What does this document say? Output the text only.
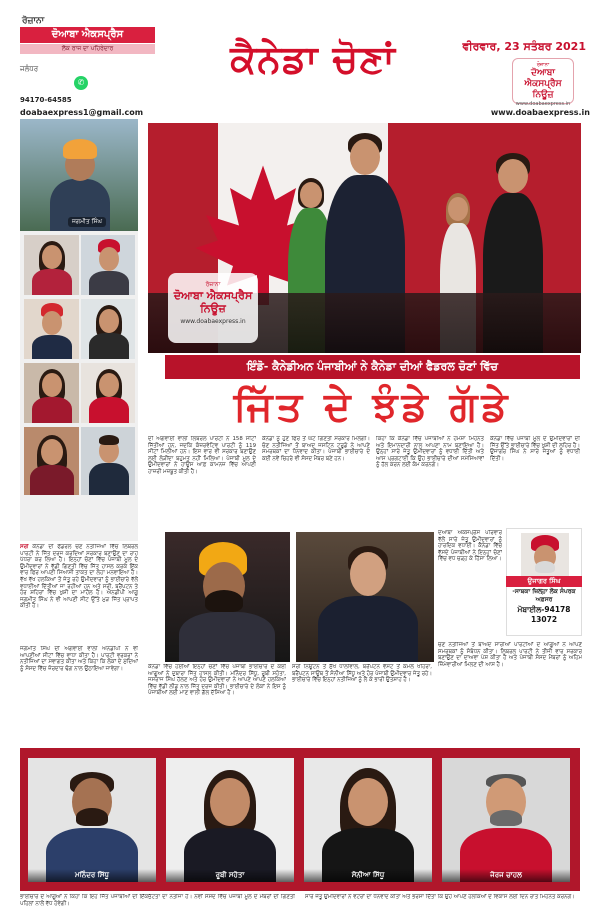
ਰੋਜ਼ਾਨਾ
ਦੋਆਬਾ ਐਕਸਪ੍ਰੈਸ
ਲੋਕ ਰਾਜ ਦਾ ਪਹਿਰੇਦਾਰ
ਜਲੰਧਰ
✆
94170-64585
doabaexpress1@gmail.com
ਕੈਨੇਡਾ ਚੋਣਾਂ	ਵੀਰਵਾਰ, 23 ਸਤੰਬਰ 2021
ਰੋਜ਼ਾਨਾ
ਦੋਆਬਾ ਐਕਸਪ੍ਰੈਸ ਨਿਊਜ਼
www.doabaexpress.in
www.doabaexpress.in
ਜਗਮੀਤ ਸਿੰਘ
ਰੋਜ਼ਾਨਾ
ਦੋਆਬਾ ਐਕਸਪ੍ਰੈਸ ਨਿਊਜ਼
www.doabaexpress.in
ਇੰਡੋ- ਕੈਨੇਡੀਅਨ ਪੰਜਾਬੀਆਂ ਨੇ ਕੈਨੇਡਾ ਦੀਆਂ ਫੈਡਰਲ ਚੋਣਾਂ ਵਿੱਚ
ਜਿੱਤ ਦੇ ਝੰਡੇ ਗੱਡੇ
ਸਰੀ ਕੈਨੇਡਾ ਦੀ ਫੈਡਰਲ ਚੋਣ ਨਤੀਜਿਆਂ ਵਿੱਚ ਲਿਬਰਲ ਪਾਰਟੀ ਨੇ ਜਿੱਤ ਦਰਜ ਕਰਦਿਆਂ ਸਰਕਾਰ ਬਣਾਉਣ ਦਾ ਰਾਹ ਪੱਧਰਾ ਕਰ ਲਿਆ ਹੈ। ਇਨ੍ਹਾਂ ਚੋਣਾਂ ਵਿੱਚ ਪੰਜਾਬੀ ਮੂਲ ਦੇ ਉਮੀਦਵਾਰਾਂ ਨੇ ਵੱਡੀ ਗਿਣਤੀ ਵਿੱਚ ਜਿੱਤ ਹਾਸਲ ਕਰਕੇ ਇੱਕ ਵਾਰ ਫਿਰ ਆਪਣੀ ਸਿਆਸੀ ਤਾਕਤ ਦਾ ਲੋਹਾ ਮਨਵਾਇਆ ਹੈ। ਵੱਖ ਵੱਖ ਹਲਕਿਆਂ ਤੋਂ ਜੇਤੂ ਰਹੇ ਉਮੀਦਵਾਰਾਂ ਨੂੰ ਭਾਈਚਾਰੇ ਵੱਲੋਂ ਵਧਾਈਆਂ ਦਿੱਤੀਆਂ ਜਾ ਰਹੀਆਂ ਹਨ ਅਤੇ ਸਰੀ, ਬਰੈਂਪਟਨ ਤੇ ਹੋਰ ਸ਼ਹਿਰਾਂ ਵਿੱਚ ਖੁਸ਼ੀ ਦਾ ਮਾਹੌਲ ਹੈ। ਐਨਡੀਪੀ ਆਗੂ ਜਗਮੀਤ ਸਿੰਘ ਨੇ ਵੀ ਆਪਣੀ ਸੀਟ ਉੱਤੇ ਮੁੜ ਜਿੱਤ ਪ੍ਰਾਪਤ ਕੀਤੀ ਹੈ।
ਦੀ ਅਗਵਾਈ ਵਾਲੀ ਲਿਬਰਲ ਪਾਰਟੀ ਨੇ 158 ਸੀਟਾਂ ਜਿੱਤੀਆਂ ਹਨ, ਜਦਕਿ ਕੰਜ਼ਰਵੇਟਿਵ ਪਾਰਟੀ ਨੂੰ 119 ਸੀਟਾਂ ਮਿਲੀਆਂ ਹਨ। ਇਸ ਵਾਰ ਵੀ ਸਰਕਾਰ ਬਣਾਉਣ ਲਈ ਲੋੜੀਂਦਾ ਬਹੁਮਤ ਨਹੀਂ ਮਿਲਿਆ। ਪੰਜਾਬੀ ਮੂਲ ਦੇ ਉਮੀਦਵਾਰਾਂ ਨੇ ਹਾਊਸ ਆਫ਼ ਕਾਮਨਜ਼ ਵਿੱਚ ਆਪਣੀ ਹਾਜ਼ਰੀ ਮਜ਼ਬੂਤ ਕੀਤੀ ਹੈ।
ਕੈਨੇਡਾ ਨੂੰ ਹੁਣ ਫਿਰ ਤੋਂ ਘੱਟ ਗਿਣਤੀ ਸਰਕਾਰ ਮਿਲੇਗੀ। ਚੋਣ ਨਤੀਜਿਆਂ ਤੋਂ ਬਾਅਦ ਜਸਟਿਨ ਟਰੂਡੋ ਨੇ ਆਪਣੇ ਸਮਰਥਕਾਂ ਦਾ ਧੰਨਵਾਦ ਕੀਤਾ। ਪੰਜਾਬੀ ਭਾਈਚਾਰੇ ਦੇ ਕਈ ਨਵੇਂ ਚਿਹਰੇ ਵੀ ਸੰਸਦ ਮੈਂਬਰ ਬਣੇ ਹਨ।
ਕਿਹਾ ਕਿ ਕੈਨੇਡਾ ਵਿੱਚ ਪੰਜਾਬੀਆਂ ਨੇ ਹਮੇਸ਼ਾ ਮਿਹਨਤ ਅਤੇ ਇਮਾਨਦਾਰੀ ਨਾਲ ਆਪਣਾ ਨਾਮ ਬਣਾਇਆ ਹੈ। ਉਨ੍ਹਾਂ ਸਾਰੇ ਜੇਤੂ ਉਮੀਦਵਾਰਾਂ ਨੂੰ ਵਧਾਈ ਦਿੱਤੀ ਅਤੇ ਆਸ ਪ੍ਰਗਟਾਈ ਕਿ ਉਹ ਭਾਈਚਾਰੇ ਦੀਆਂ ਸਮੱਸਿਆਵਾਂ ਨੂੰ ਹੱਲ ਕਰਨ ਲਈ ਕੰਮ ਕਰਨਗੇ।
ਕੈਨੇਡਾ ਵਿੱਚ ਪੰਜਾਬੀ ਮੂਲ ਦੇ ਉਮੀਦਵਾਰਾਂ ਦੀ ਜਿੱਤ ਉੱਤੇ ਭਾਈਚਾਰੇ ਵਿੱਚ ਖੁਸ਼ੀ ਦੀ ਲਹਿਰ ਹੈ। ਉਜਾਗਰ ਸਿੰਘ ਨੇ ਸਾਰੇ ਜੇਤੂਆਂ ਨੂੰ ਵਧਾਈ ਦਿੱਤੀ।
ਕੈਨੇਡਾ ਵਿੱਚ ਹੋਈਆਂ ਇਨ੍ਹਾਂ ਚੋਣਾਂ ਵਿੱਚ ਪੰਜਾਬੀ ਭਾਈਚਾਰੇ ਦੇ ਕਈ ਆਗੂਆਂ ਨੇ ਦੁਬਾਰਾ ਜਿੱਤ ਹਾਸਲ ਕੀਤੀ। ਮਨਿੰਦਰ ਸਿੱਧੂ, ਰੂਬੀ ਸਹੋਤਾ, ਜਸਰਾਜ ਸਿੰਘ ਹੱਲਣ ਅਤੇ ਹੋਰ ਉਮੀਦਵਾਰਾਂ ਨੇ ਆਪਣੇ ਆਪਣੇ ਹਲਕਿਆਂ ਵਿੱਚ ਵੱਡੀ ਲੀਡ ਨਾਲ ਜਿੱਤ ਦਰਜ ਕੀਤੀ। ਭਾਈਚਾਰੇ ਦੇ ਲੋਕਾਂ ਨੇ ਇਸ ਨੂੰ ਪੰਜਾਬੀਆਂ ਲਈ ਮਾਣ ਵਾਲੀ ਗੱਲ ਦੱਸਿਆ ਹੈ।
ਜਗਮੀਤ ਸਿੰਘ ਦੀ ਅਗਵਾਈ ਵਾਲੀ ਐਨਡੀਪੀ ਨੇ ਵੀ ਆਪਣੀਆਂ ਸੀਟਾਂ ਵਿੱਚ ਵਾਧਾ ਕੀਤਾ ਹੈ। ਪਾਰਟੀ ਵਰਕਰਾਂ ਨੇ ਨਤੀਜਿਆਂ ਦਾ ਸਵਾਗਤ ਕੀਤਾ ਅਤੇ ਕਿਹਾ ਕਿ ਲੋਕਾਂ ਦੇ ਮੁੱਦਿਆਂ ਨੂੰ ਸੰਸਦ ਵਿੱਚ ਜ਼ੋਰਦਾਰ ਢੰਗ ਨਾਲ ਉਠਾਇਆ ਜਾਵੇਗਾ।	ਸਰੀ ਨਿਊਟਨ ਤੋਂ ਸੁੱਖ ਧਾਲੀਵਾਲ, ਬਰੈਂਪਟਨ ਵੈਸਟ ਤੋਂ ਕਮਲ ਖਹਿਰਾ, ਬਰੈਂਪਟਨ ਸਾਊਥ ਤੋਂ ਸੋਨੀਆ ਸਿੱਧੂ ਅਤੇ ਹੋਰ ਪੰਜਾਬੀ ਉਮੀਦਵਾਰ ਜੇਤੂ ਰਹੇ। ਭਾਈਚਾਰੇ ਵਿੱਚ ਇਨ੍ਹਾਂ ਨਤੀਜਿਆਂ ਨੂੰ ਲੈ ਕੇ ਭਾਰੀ ਉਤਸ਼ਾਹ ਹੈ।
ਦੋਆਬਾ ਐਕਸਪ੍ਰੈਸ ਪਰਿਵਾਰ ਵੱਲੋਂ ਸਾਰੇ ਜੇਤੂ ਉਮੀਦਵਾਰਾਂ ਨੂੰ ਹਾਰਦਿਕ ਵਧਾਈ। ਕੈਨੇਡਾ ਵਿੱਚ ਵੱਸਦੇ ਪੰਜਾਬੀਆਂ ਨੇ ਇਨ੍ਹਾਂ ਚੋਣਾਂ ਵਿੱਚ ਵਧ ਚੜ੍ਹ ਕੇ ਹਿੱਸਾ ਲਿਆ।
ਚੋਣ ਨਤੀਜਿਆਂ ਤੋਂ ਬਾਅਦ ਸਾਰੀਆਂ ਪਾਰਟੀਆਂ ਦੇ ਆਗੂਆਂ ਨੇ ਆਪਣੇ ਸਮਰਥਕਾਂ ਨੂੰ ਸੰਬੋਧਨ ਕੀਤਾ। ਲਿਬਰਲ ਪਾਰਟੀ ਨੇ ਤੀਜੀ ਵਾਰ ਸਰਕਾਰ ਬਣਾਉਣ ਦਾ ਦਾਅਵਾ ਪੇਸ਼ ਕੀਤਾ ਹੈ ਅਤੇ ਪੰਜਾਬੀ ਸੰਸਦ ਮੈਂਬਰਾਂ ਨੂੰ ਅਹਿਮ ਜ਼ਿੰਮੇਵਾਰੀਆਂ ਮਿਲਣ ਦੀ ਆਸ ਹੈ।
ਉਜਾਗਰ ਸਿੰਘ
-ਸਾਬਕਾ ਜ਼ਿਲ੍ਹਾ ਲੋਕ ਸੰਪਰਕ ਅਫ਼ਸਰ
ਮੋਬਾਈਲ-94178
13072
ਮਨਿੰਦਰ ਸਿੱਧੂ	ਰੂਬੀ ਸਹੋਤਾ	ਸੋਨੀਆ ਸਿੱਧੂ	ਜੋਰਜ ਚਾਹਲ
ਭਾਈਚਾਰੇ ਦੇ ਆਗੂਆਂ ਨੇ ਕਿਹਾ ਕਿ ਇਹ ਜਿੱਤ ਪੰਜਾਬੀਆਂ ਦੀ ਇੱਕਜੁੱਟਤਾ ਦਾ ਨਤੀਜਾ ਹੈ। ਨਵੀਂ ਸੰਸਦ ਵਿੱਚ ਪੰਜਾਬੀ ਮੂਲ ਦੇ ਮੈਂਬਰਾਂ ਦੀ ਗਿਣਤੀ ਪਹਿਲਾਂ ਨਾਲੋਂ ਵੱਧ ਹੋਵੇਗੀ।
ਸਾਰੇ ਜੇਤੂ ਉਮੀਦਵਾਰਾਂ ਨੇ ਵੋਟਰਾਂ ਦਾ ਧੰਨਵਾਦ ਕੀਤਾ ਅਤੇ ਭਰੋਸਾ ਦਿੱਤਾ ਕਿ ਉਹ ਆਪਣੇ ਹਲਕਿਆਂ ਦੇ ਵਿਕਾਸ ਲਈ ਦਿਨ ਰਾਤ ਮਿਹਨਤ ਕਰਨਗੇ।
